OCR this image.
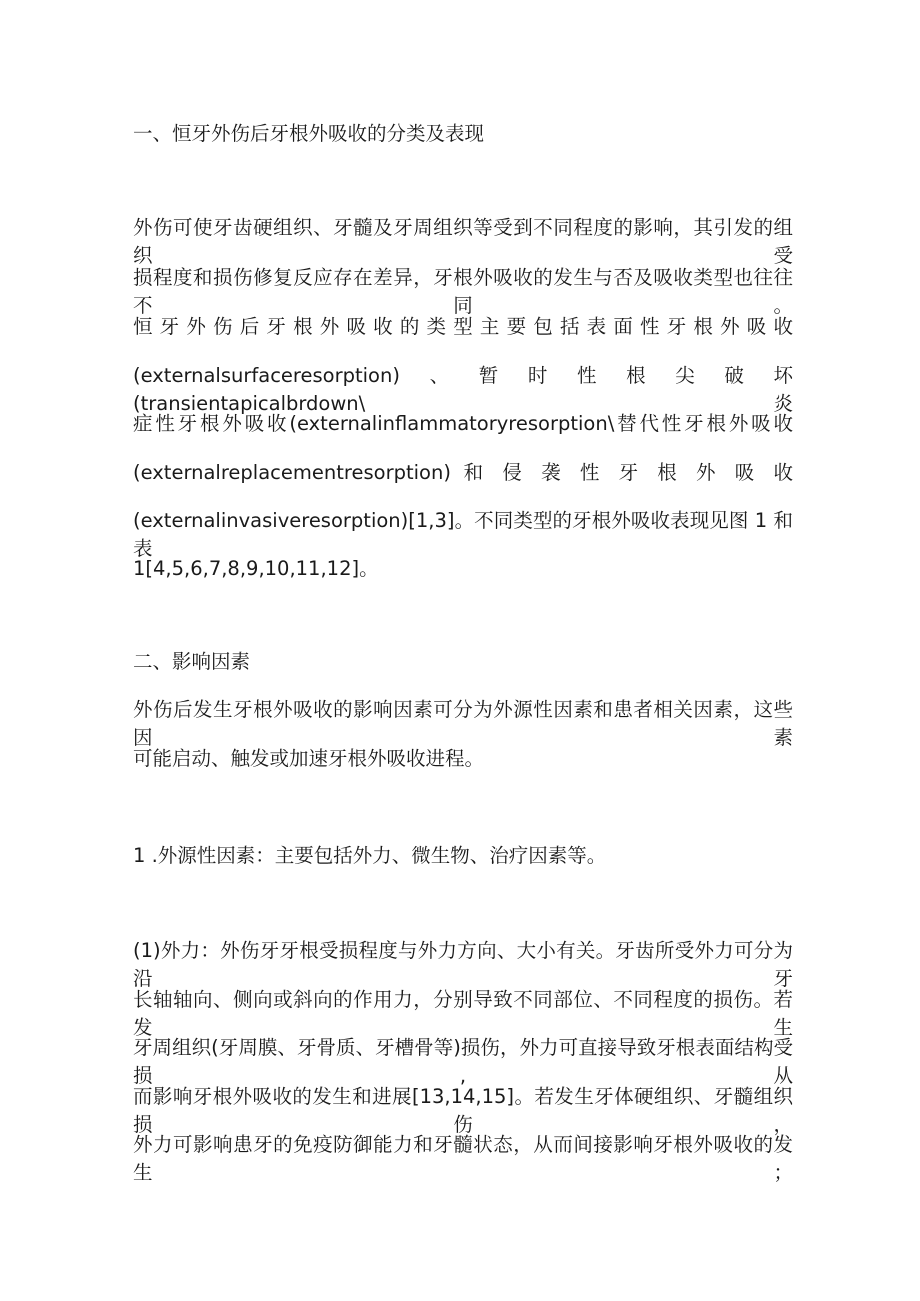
一、恒牙外伤后牙根外吸收的分类及表现

外伤可使牙齿硬组织、牙髓及牙周组织等受到不同程度的影响，其引发的组织受

损程度和损伤修复反应存在差异，牙根外吸收的发生与否及吸收类型也往往不同。

恒 牙 外 伤 后 牙 根 外 吸 收 的 类 型 主 要 包 括 表 面 性 牙 根 外 吸 收

(externalsurfaceresorption)、暂时性根尖破坏(transientapicalbrdown\炎

症性牙根外吸收(externalinflammatoryresorption\替代性牙根外吸收

(externalreplacementresorption) 和 侵 袭 性 牙 根 外 吸 收

(externalinvasiveresorption)[1,3]。不同类型的牙根外吸收表现见图 1 和表

1[4,5,6,7,8,9,10,11,12]。

二、影响因素

外伤后发生牙根外吸收的影响因素可分为外源性因素和患者相关因素，这些因素

可能启动、触发或加速牙根外吸收进程。

1 .外源性因素：主要包括外力、微生物、治疗因素等。

(1)外力：外伤牙牙根受损程度与外力方向、大小有关。牙齿所受外力可分为沿牙

长轴轴向、侧向或斜向的作用力，分别导致不同部位、不同程度的损伤。若发生

牙周组织(牙周膜、牙骨质、牙槽骨等)损伤，外力可直接导致牙根表面结构受损,从

而影响牙根外吸收的发生和进展[13,14,15]。若发生牙体硬组织、牙髓组织损伤，

外力可影响患牙的免疫防御能力和牙髓状态，从而间接影响牙根外吸收的发生；
